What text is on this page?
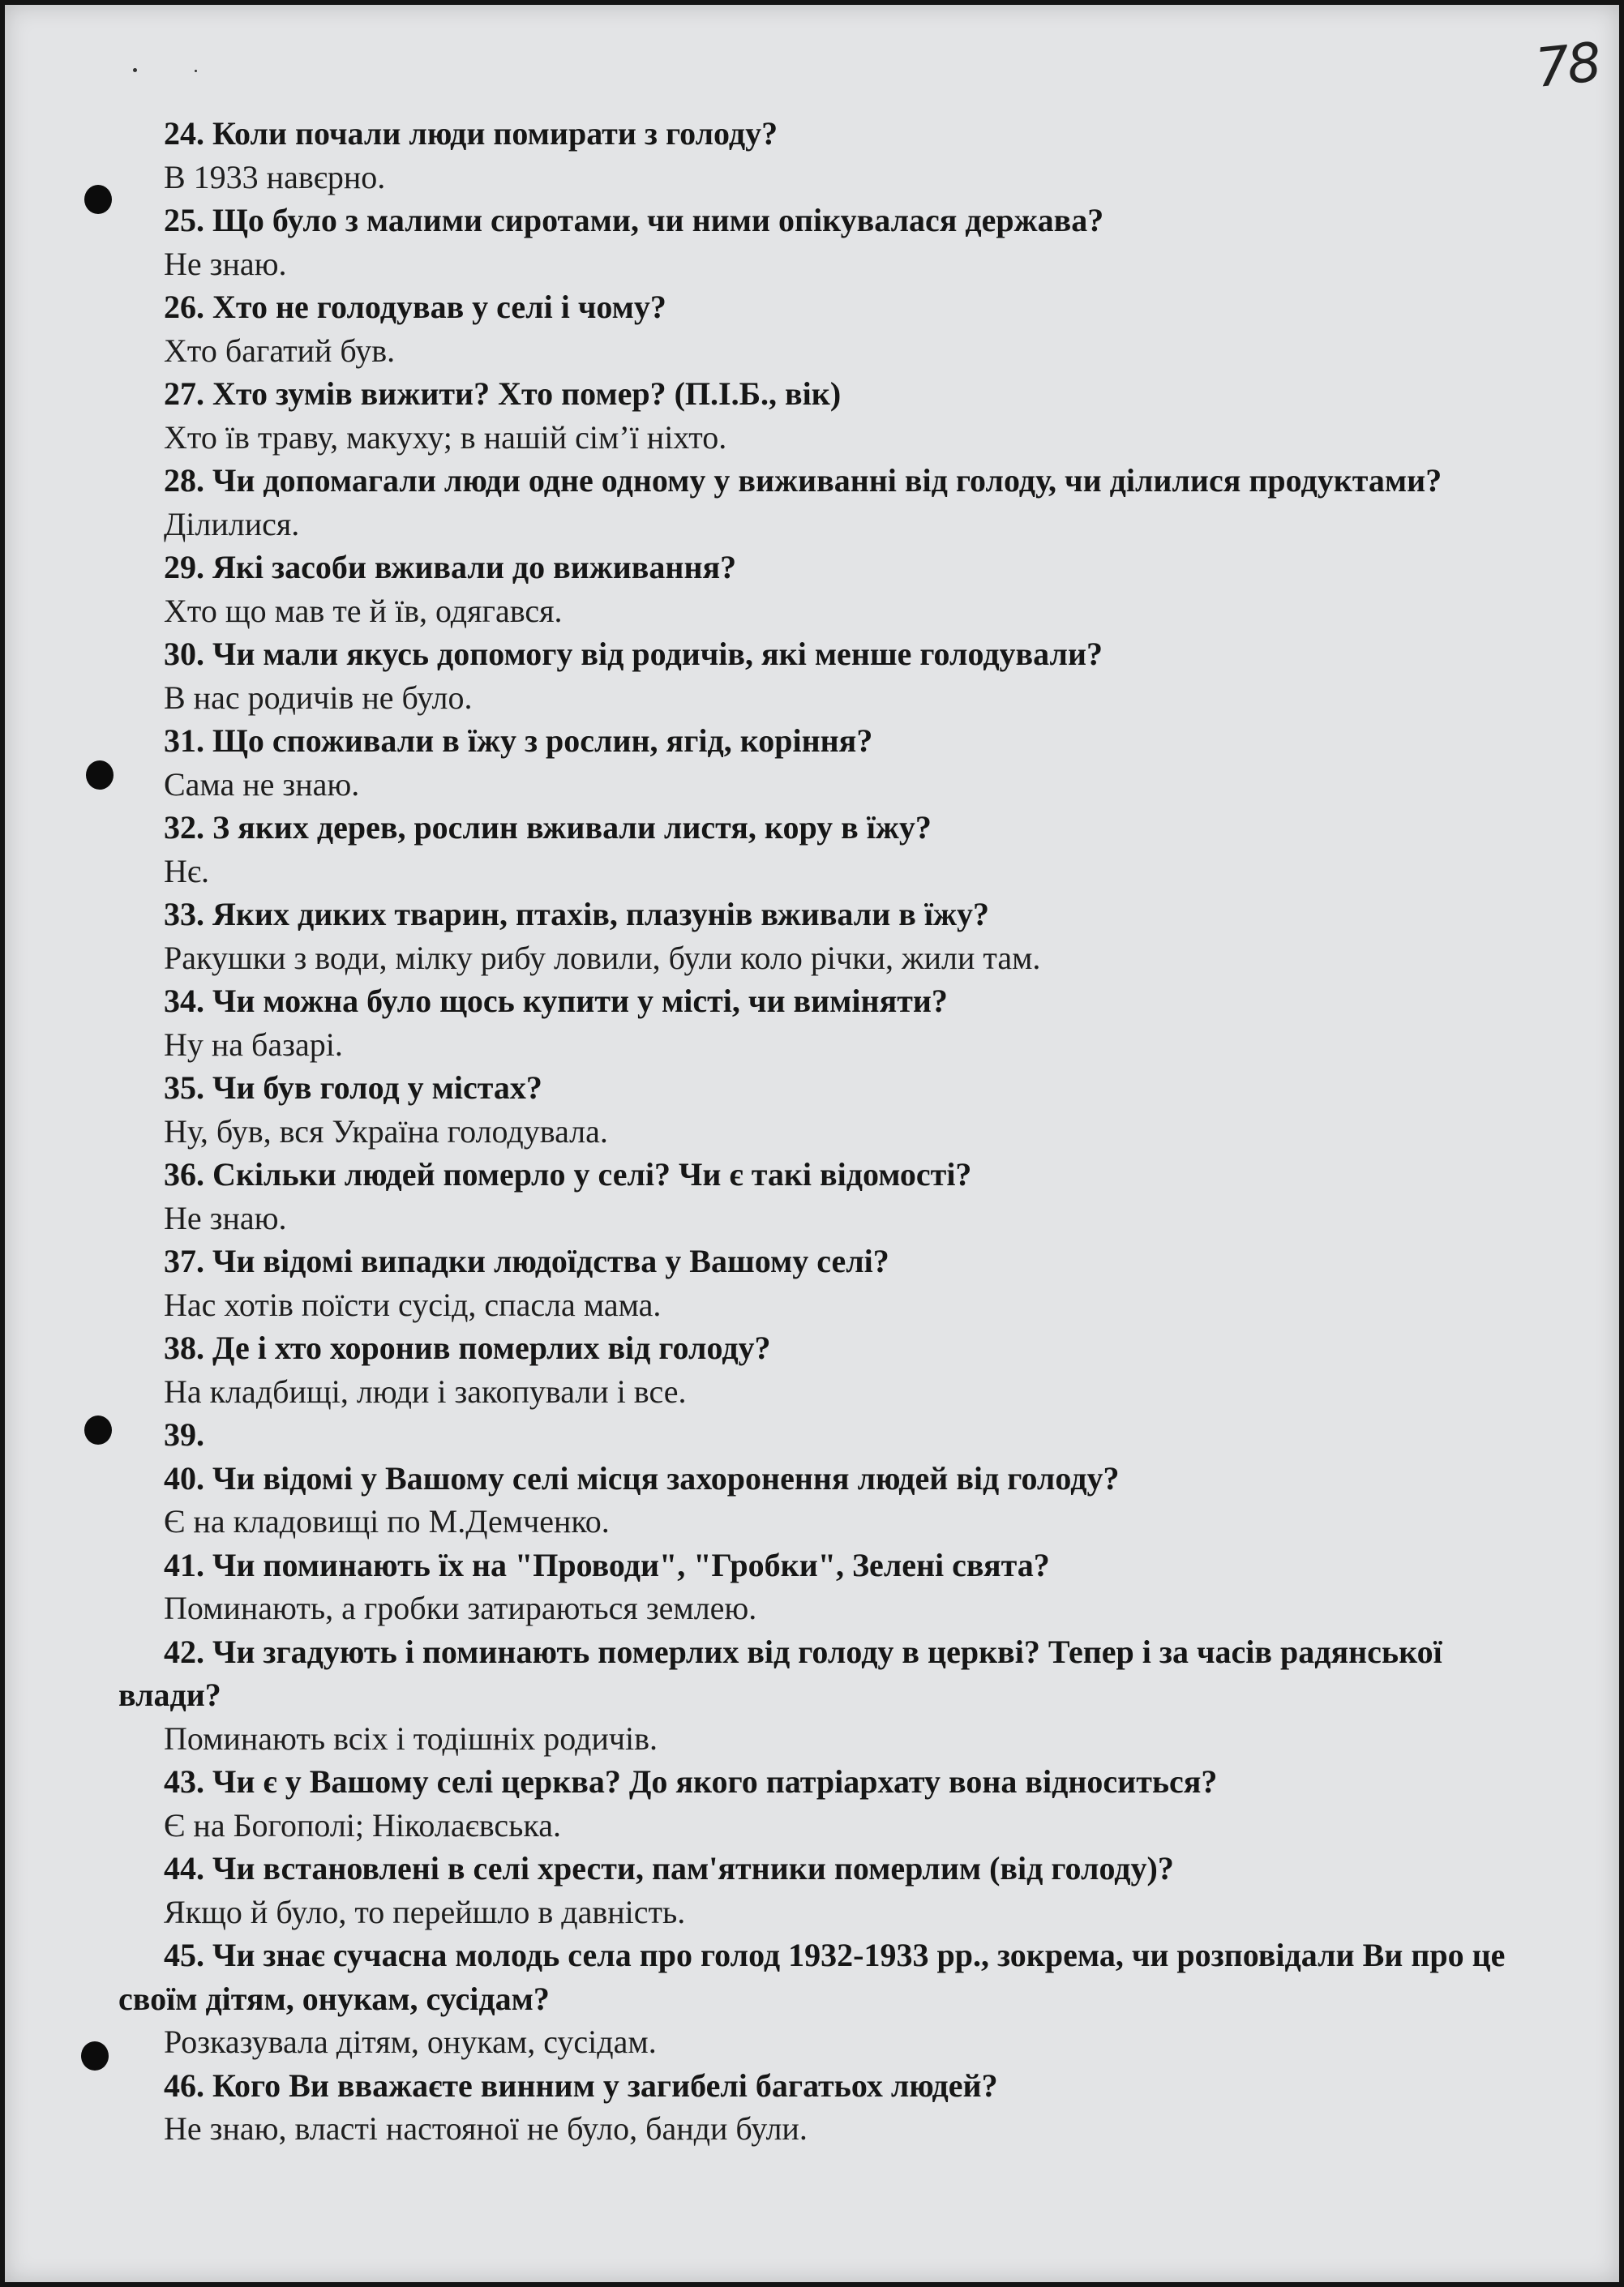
78
24. Коли почали люди помирати з голоду?
В 1933 навєрно.
25. Що було з малими сиротами, чи ними опікувалася держава?
Не знаю.
26. Хто не голодував у селі і чому?
Хто багатий був.
27. Хто зумів вижити? Хто помер? (П.І.Б., вік)
Хто їв траву, макуху; в нашій сім’ї ніхто.
28. Чи допомагали люди одне одному у виживанні від голоду, чи ділилися продуктами?
Ділилися.
29. Які засоби вживали до виживання?
Хто що мав те й їв, одягався.
30. Чи мали якусь допомогу від родичів, які менше голодували?
В нас родичів не було.
31. Що споживали в їжу з рослин, ягід, коріння?
Сама не знаю.
32. З яких дерев, рослин вживали листя, кору в їжу?
Нє.
33. Яких диких тварин, птахів, плазунів вживали в їжу?
Ракушки з води, мілку рибу ловили, були коло річки, жили там.
34. Чи можна було щось купити у місті, чи виміняти?
Ну на базарі.
35. Чи був голод у містах?
Ну, був, вся Україна голодувала.
36. Скільки людей померло у селі? Чи є такі відомості?
Не знаю.
37. Чи відомі випадки людоїдства у Вашому селі?
Нас хотів поїсти сусід, спасла мама.
38. Де і хто хоронив померлих від голоду?
На кладбищі, люди і закопували і все.
39.
40. Чи відомі у Вашому селі місця захоронення людей від голоду?
Є на кладовищі по М.Демченко.
41. Чи поминають їх на "Проводи", "Гробки", Зелені свята?
Поминають, а гробки затираються землею.
42. Чи згадують і поминають померлих від голоду в церкві? Тепер і за часів радянської влади?
Поминають всіх і тодішніх родичів.
43. Чи є у Вашому селі церква? До якого патріархату вона відноситься?
Є на Богополі; Ніколаєвська.
44. Чи встановлені в селі хрести, пам'ятники померлим (від голоду)?
Якщо й було, то перейшло в давність.
45. Чи знає сучасна молодь села про голод 1932-1933 рр., зокрема, чи розповідали Ви про це своїм дітям, онукам, сусідам?
Розказувала дітям, онукам, сусідам.
46. Кого Ви вважаєте винним у загибелі багатьох людей?
Не знаю, власті настояної не було, банди були.
